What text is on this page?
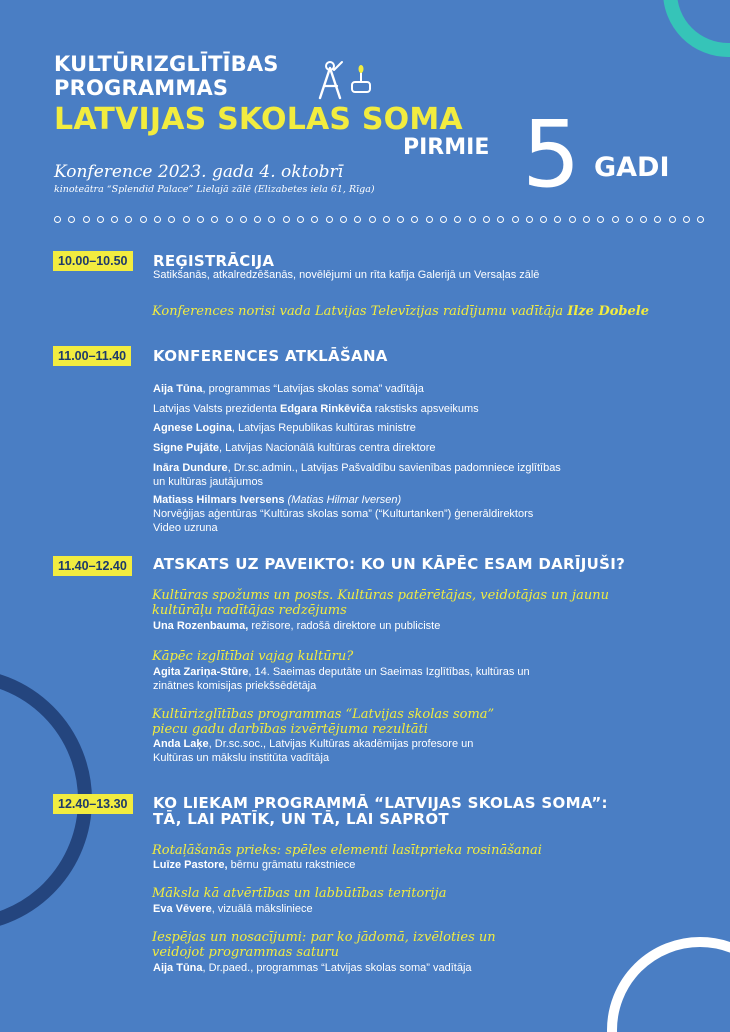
KULTŪRIZGLĪTĪBAS
PROGRAMMAS
LATVIJAS SKOLAS SOMA
PIRMIE 5 GADI
Konference 2023. gada 4. oktobrī
kinoteātra “Splendid Palace” Lielajā zālē (Elizabetes iela 61, Rīga)
10.00–10.50	REĢISTRĀCIJA
Satikšanās, atkalredzēšanās, novēlējumi un rīta kafija Galerijā un Versaļas zālē
Konferences norisi vada Latvijas Televīzijas raidījumu vadītāja Ilze Dobele
11.00–11.40	KONFERENCES ATKLĀŠANA
Aija Tūna, programmas “Latvijas skolas soma” vadītāja
Latvijas Valsts prezidenta Edgara Rinkēviča rakstisks apsveikums
Agnese Logina, Latvijas Republikas kultūras ministre
Signe Pujāte, Latvijas Nacionālā kultūras centra direktore
Ināra Dundure, Dr.sc.admin., Latvijas Pašvaldību savienības padomniece izglītības
un kultūras jautājumos
Matiass Hilmars Iversens (Matias Hilmar Iversen)
Norvēģijas aģentūras “Kultūras skolas soma” (“Kulturtanken”) ģenerāldirektors
Video uzruna
11.40–12.40	ATSKATS UZ PAVEIKTO: KO UN KĀPĒC ESAM DARĪJUŠI?
Kultūras spožums un posts. Kultūras patērētājas, veidotājas un jaunu
kultūrāļu radītājas redzējums
Una Rozenbauma, režisore, radošā direktore un publiciste
Kāpēc izglītībai vajag kultūru?
Agita Zariņa-Stūre, 14. Saeimas deputāte un Saeimas Izglītības, kultūras un
zinātnes komisijas priekšsēdētāja
Kultūrizglītības programmas “Latvijas skolas soma”
piecu gadu darbības izvērtējuma rezultāti
Anda Laķe, Dr.sc.soc., Latvijas Kultūras akadēmijas profesore un
Kultūras un mākslu institūta vadītāja
12.40–13.30	KO LIEKAM PROGRAMMĀ “LATVIJAS SKOLAS SOMA”:
TĀ, LAI PATĪK, UN TĀ, LAI SAPROT
Rotaļāšanās prieks: spēles elementi lasītprieka rosināšanai
Luīze Pastore, bērnu grāmatu rakstniece
Māksla kā atvērtības un labbūtības teritorija
Eva Vēvere, vizuālā māksliniece
Iespējas un nosacījumi: par ko jādomā, izvēloties un
veidojot programmas saturu
Aija Tūna, Dr.paed., programmas “Latvijas skolas soma” vadītāja
